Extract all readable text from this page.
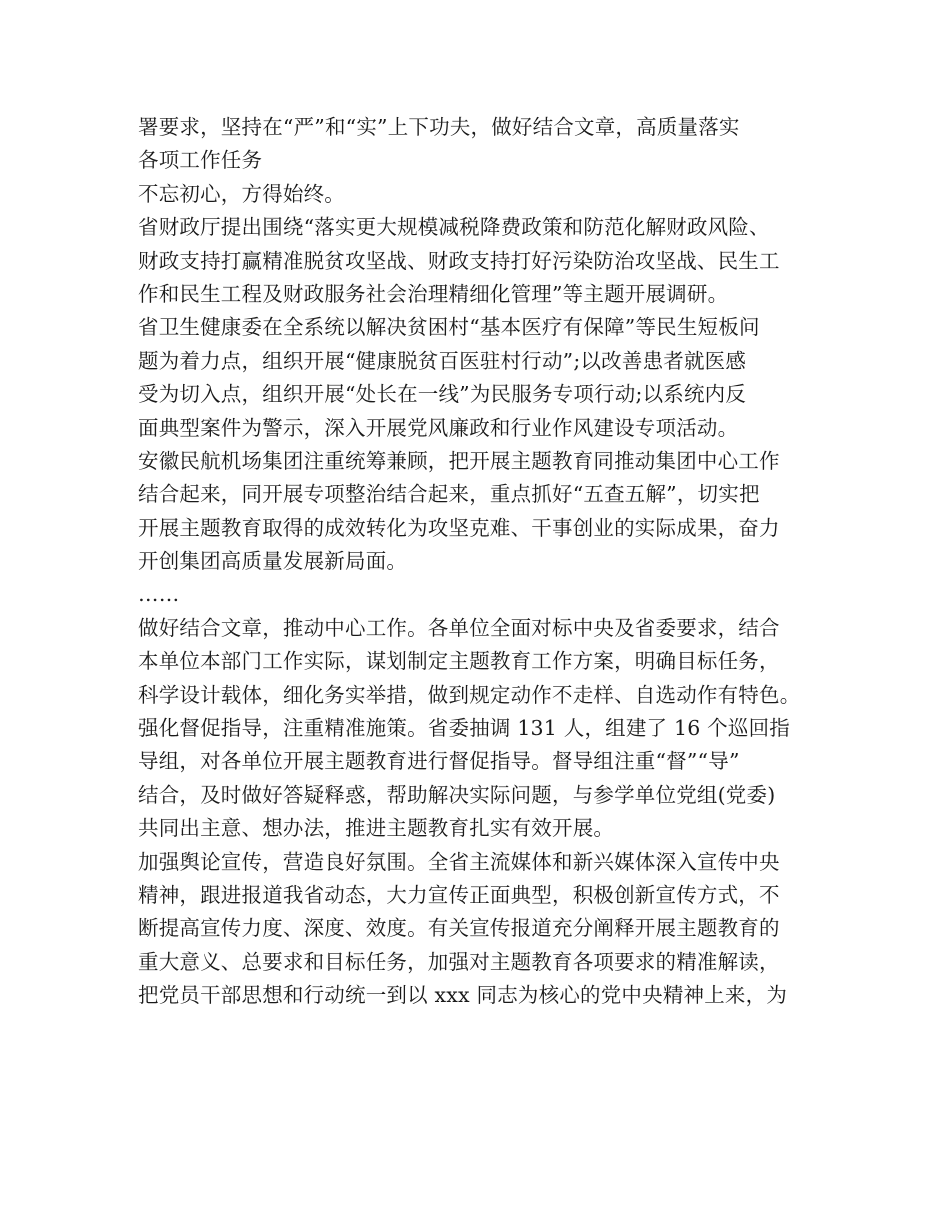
署要求，坚持在“严”和“实”上下功夫，做好结合文章，高质量落实
各项工作任务
不忘初心，方得始终。
省财政厅提出围绕“落实更大规模减税降费政策和防范化解财政风险、
财政支持打赢精准脱贫攻坚战、财政支持打好污染防治攻坚战、民生工
作和民生工程及财政服务社会治理精细化管理”等主题开展调研。
省卫生健康委在全系统以解决贫困村“基本医疗有保障”等民生短板问
题为着力点，组织开展“健康脱贫百医驻村行动”;以改善患者就医感
受为切入点，组织开展“处长在一线”为民服务专项行动;以系统内反
面典型案件为警示，深入开展党风廉政和行业作风建设专项活动。
安徽民航机场集团注重统筹兼顾，把开展主题教育同推动集团中心工作
结合起来，同开展专项整治结合起来，重点抓好“五查五解”，切实把
开展主题教育取得的成效转化为攻坚克难、干事创业的实际成果，奋力
开创集团高质量发展新局面。
……
做好结合文章，推动中心工作。各单位全面对标中央及省委要求，结合
本单位本部门工作实际，谋划制定主题教育工作方案，明确目标任务，
科学设计载体，细化务实举措，做到规定动作不走样、自选动作有特色。
强化督促指导，注重精准施策。省委抽调 131 人，组建了 16 个巡回指
导组，对各单位开展主题教育进行督促指导。督导组注重“督”“导”
结合，及时做好答疑释惑，帮助解决实际问题，与参学单位党组(党委)
共同出主意、想办法，推进主题教育扎实有效开展。
加强舆论宣传，营造良好氛围。全省主流媒体和新兴媒体深入宣传中央
精神，跟进报道我省动态，大力宣传正面典型，积极创新宣传方式，不
断提高宣传力度、深度、效度。有关宣传报道充分阐释开展主题教育的
重大意义、总要求和目标任务，加强对主题教育各项要求的精准解读，
把党员干部思想和行动统一到以 xxx 同志为核心的党中央精神上来，为
